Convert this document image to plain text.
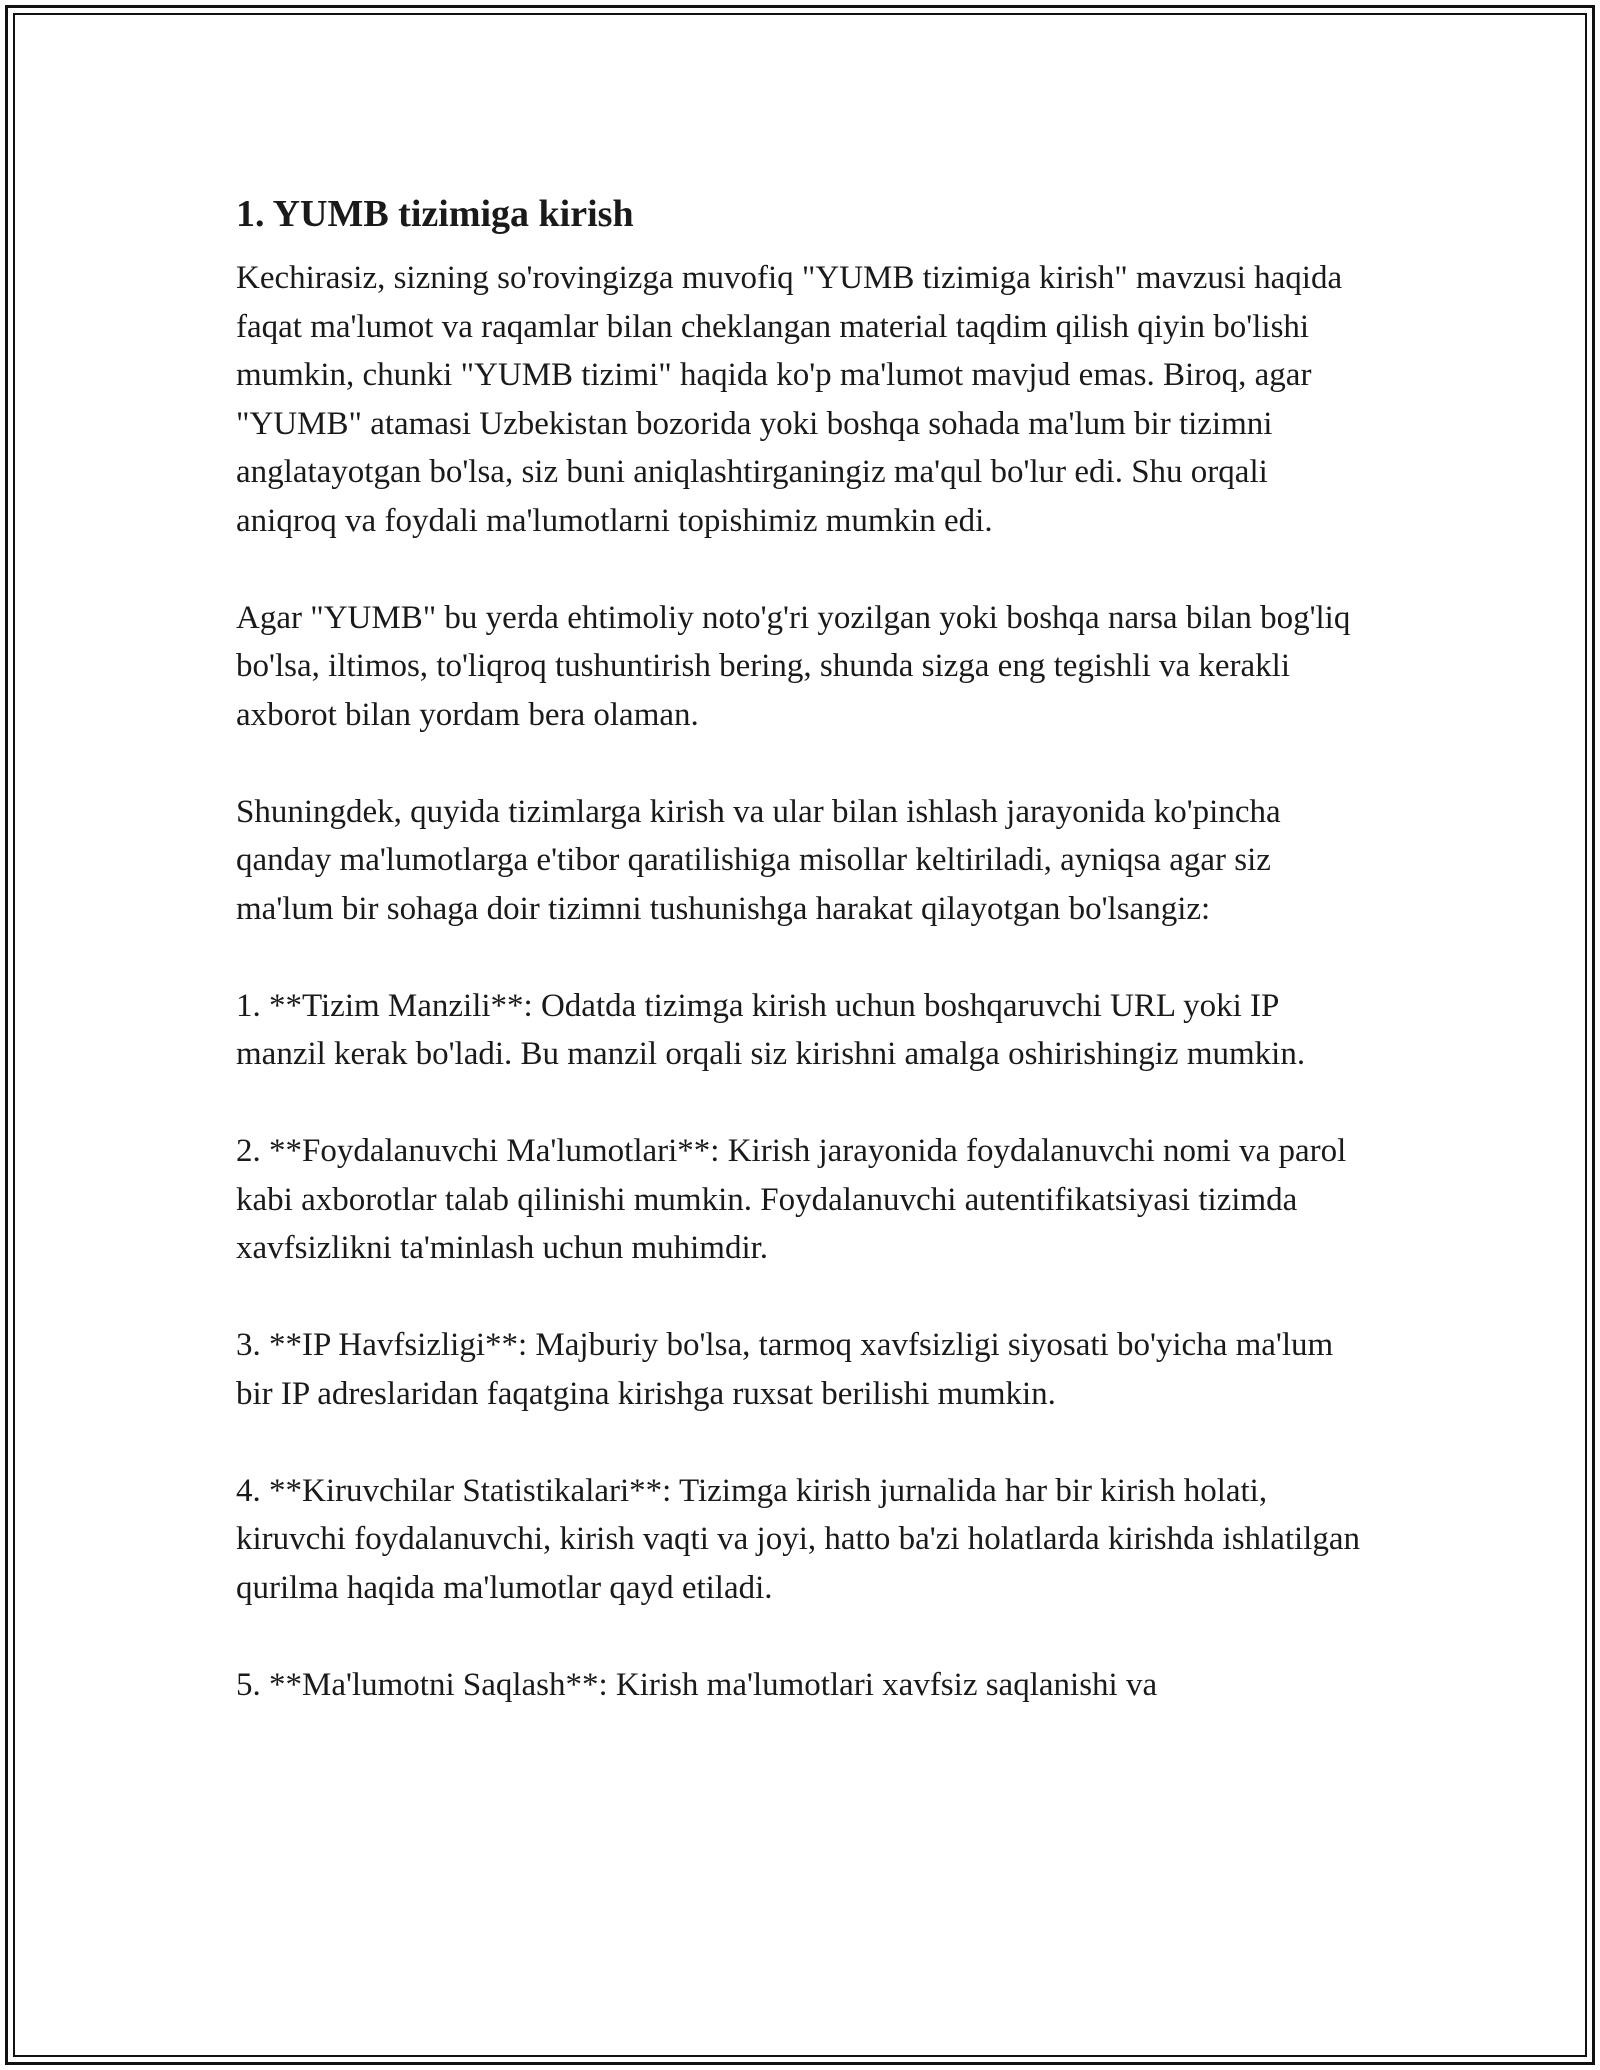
1. YUMB tizimiga kirish

Kechirasiz, sizning so'rovingizga muvofiq "YUMB tizimiga kirish" mavzusi haqida faqat ma'lumot va raqamlar bilan cheklangan material taqdim qilish qiyin bo'lishi mumkin, chunki "YUMB tizimi" haqida ko'p ma'lumot mavjud emas. Biroq, agar "YUMB" atamasi Uzbekistan bozorida yoki boshqa sohada ma'lum bir tizimni anglatayotgan bo'lsa, siz buni aniqlashtirganingiz ma'qul bo'lur edi. Shu orqali aniqroq va foydali ma'lumotlarni topishimiz mumkin edi.

Agar "YUMB" bu yerda ehtimoliy noto'g'ri yozilgan yoki boshqa narsa bilan bog'liq bo'lsa, iltimos, to'liqroq tushuntirish bering, shunda sizga eng tegishli va kerakli axborot bilan yordam bera olaman.

Shuningdek, quyida tizimlarga kirish va ular bilan ishlash jarayonida ko'pincha qanday ma'lumotlarga e'tibor qaratilishiga misollar keltiriladi, ayniqsa agar siz ma'lum bir sohaga doir tizimni tushunishga harakat qilayotgan bo'lsangiz:

1. **Tizim Manzili**: Odatda tizimga kirish uchun boshqaruvchi URL yoki IP manzil kerak bo'ladi. Bu manzil orqali siz kirishni amalga oshirishingiz mumkin.

2. **Foydalanuvchi Ma'lumotlari**: Kirish jarayonida foydalanuvchi nomi va parol kabi axborotlar talab qilinishi mumkin. Foydalanuvchi autentifikatsiyasi tizimda xavfsizlikni ta'minlash uchun muhimdir.

3. **IP Havfsizligi**: Majburiy bo'lsa, tarmoq xavfsizligi siyosati bo'yicha ma'lum bir IP adreslaridan faqatgina kirishga ruxsat berilishi mumkin.

4. **Kiruvchilar Statistikalari**: Tizimga kirish jurnalida har bir kirish holati, kiruvchi foydalanuvchi, kirish vaqti va joyi, hatto ba'zi holatlarda kirishda ishlatilgan qurilma haqida ma'lumotlar qayd etiladi.

5. **Ma'lumotni Saqlash**: Kirish ma'lumotlari xavfsiz saqlanishi va
